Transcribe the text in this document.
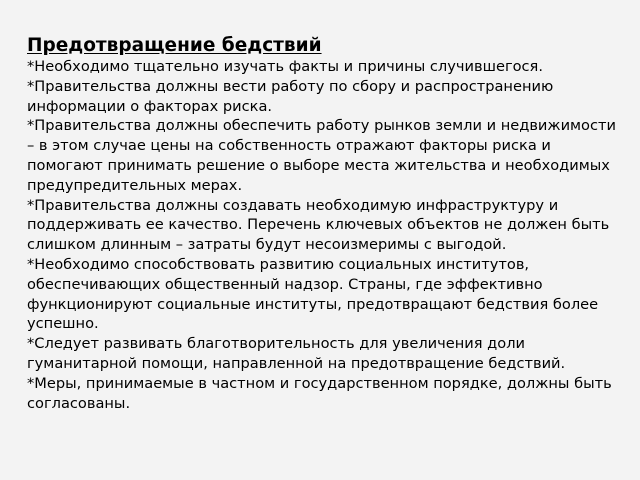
Предотвращение бедствий
*Необходимо тщательно изучать факты и причины случившегося.
*Правительства должны вести работу по сбору и распространению информации о факторах риска.
*Правительства должны обеспечить работу рынков земли и недвижимости – в этом случае цены на собственность отражают факторы риска и помогают принимать решение о выборе места жительства и необходимых предупредительных мерах.
*Правительства должны создавать необходимую инфраструктуру и поддерживать ее качество. Перечень ключевых объектов не должен быть слишком длинным – затраты будут несоизмеримы с выгодой.
*Необходимо способствовать развитию социальных институтов, обеспечивающих общественный надзор. Страны, где эффективно функционируют социальные институты, предотвращают бедствия более успешно.
*Следует развивать благотворительность для увеличения доли гуманитарной помощи, направленной на предотвращение бедствий.
*Меры, принимаемые в частном и государственном порядке, должны быть согласованы.
